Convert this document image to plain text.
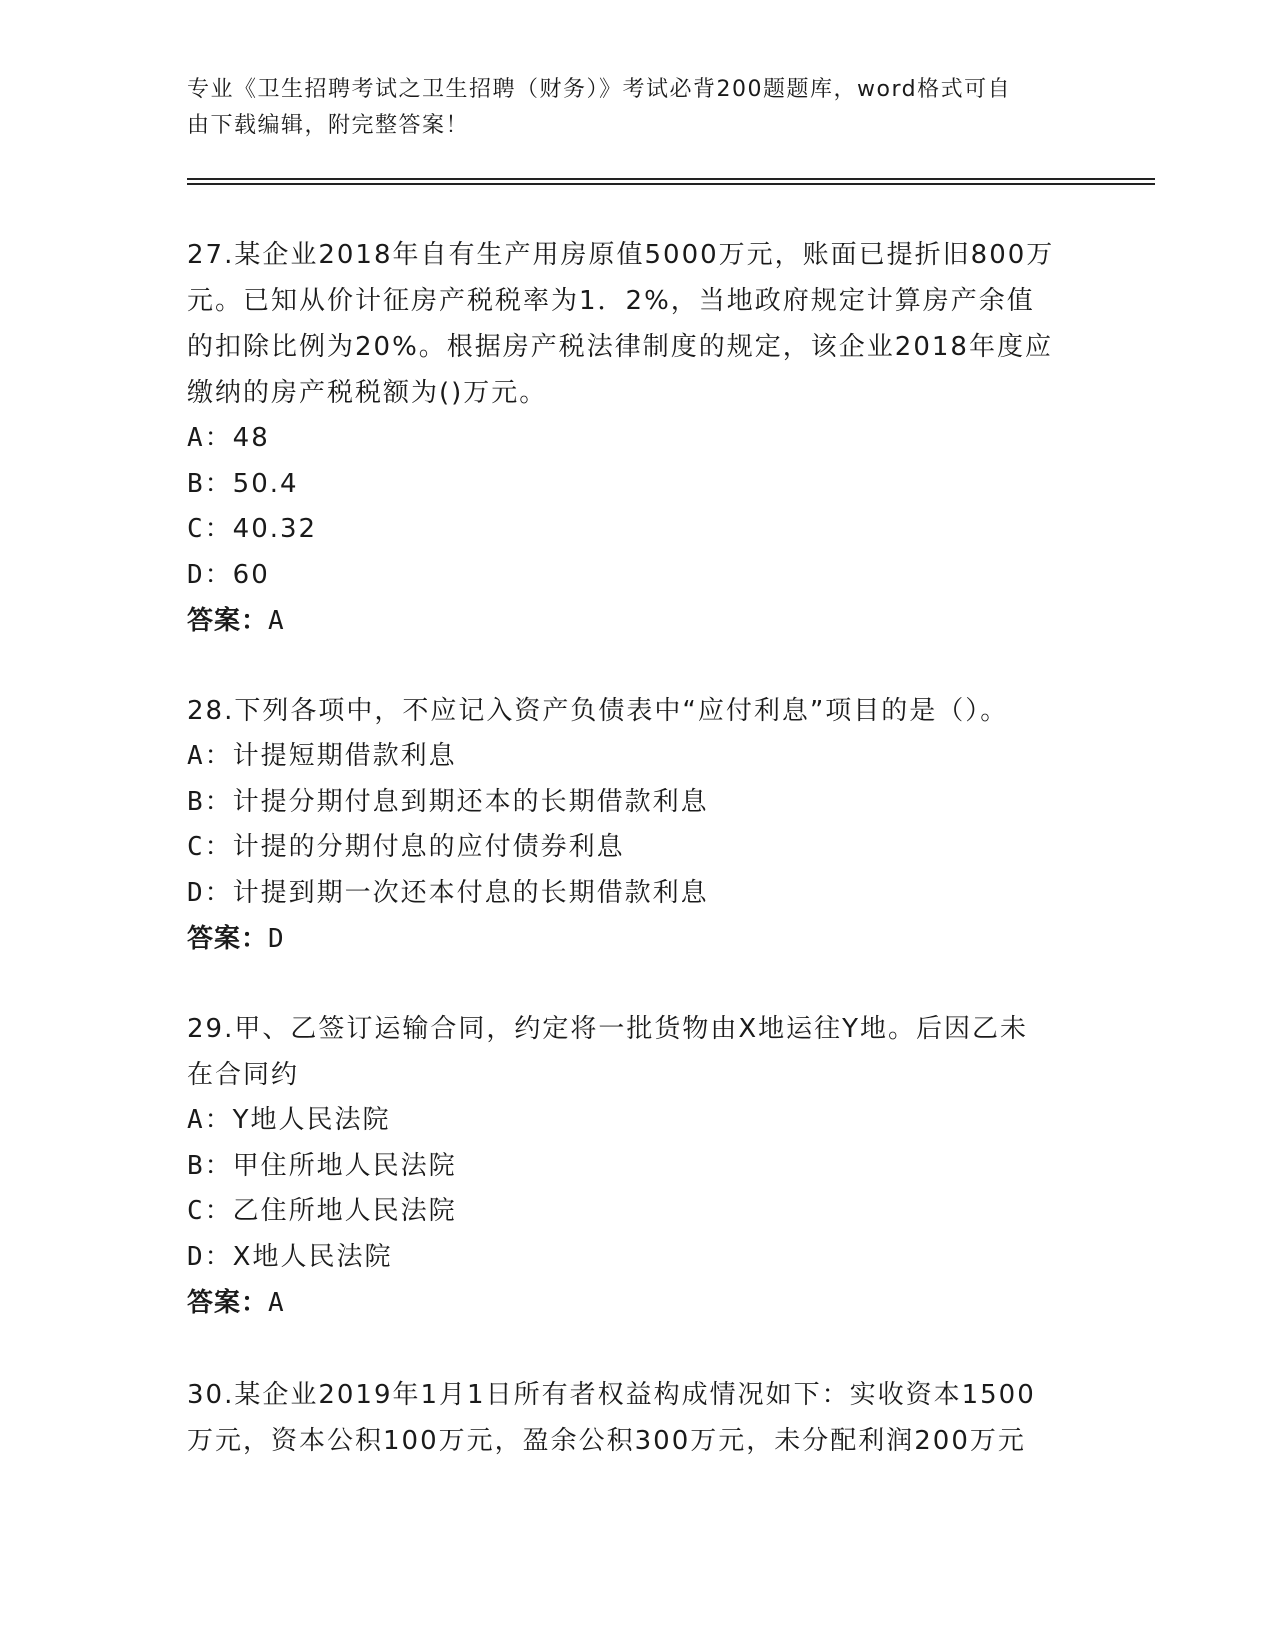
专业《卫生招聘考试之卫生招聘（财务）》考试必背200题题库，word格式可自
由下载编辑，附完整答案！

27.某企业2018年自有生产用房原值5000万元，账面已提折旧800万

元。已知从价计征房产税税率为1．2%，当地政府规定计算房产余值

的扣除比例为20%。根据房产税法律制度的规定，该企业2018年度应

缴纳的房产税税额为()万元。

A：48

B：50.4

C：40.32

D：60

答案：A

28.下列各项中，不应记入资产负债表中“应付利息”项目的是（）。

A：计提短期借款利息

B：计提分期付息到期还本的长期借款利息

C：计提的分期付息的应付债券利息

D：计提到期一次还本付息的长期借款利息

答案：D

29.甲、乙签订运输合同，约定将一批货物由X地运往Y地。后因乙未

在合同约

A：Y地人民法院

B：甲住所地人民法院

C：乙住所地人民法院

D：X地人民法院

答案：A

30.某企业2019年1月1日所有者权益构成情况如下：实收资本1500

万元，资本公积100万元，盈余公积300万元，未分配利润200万元
